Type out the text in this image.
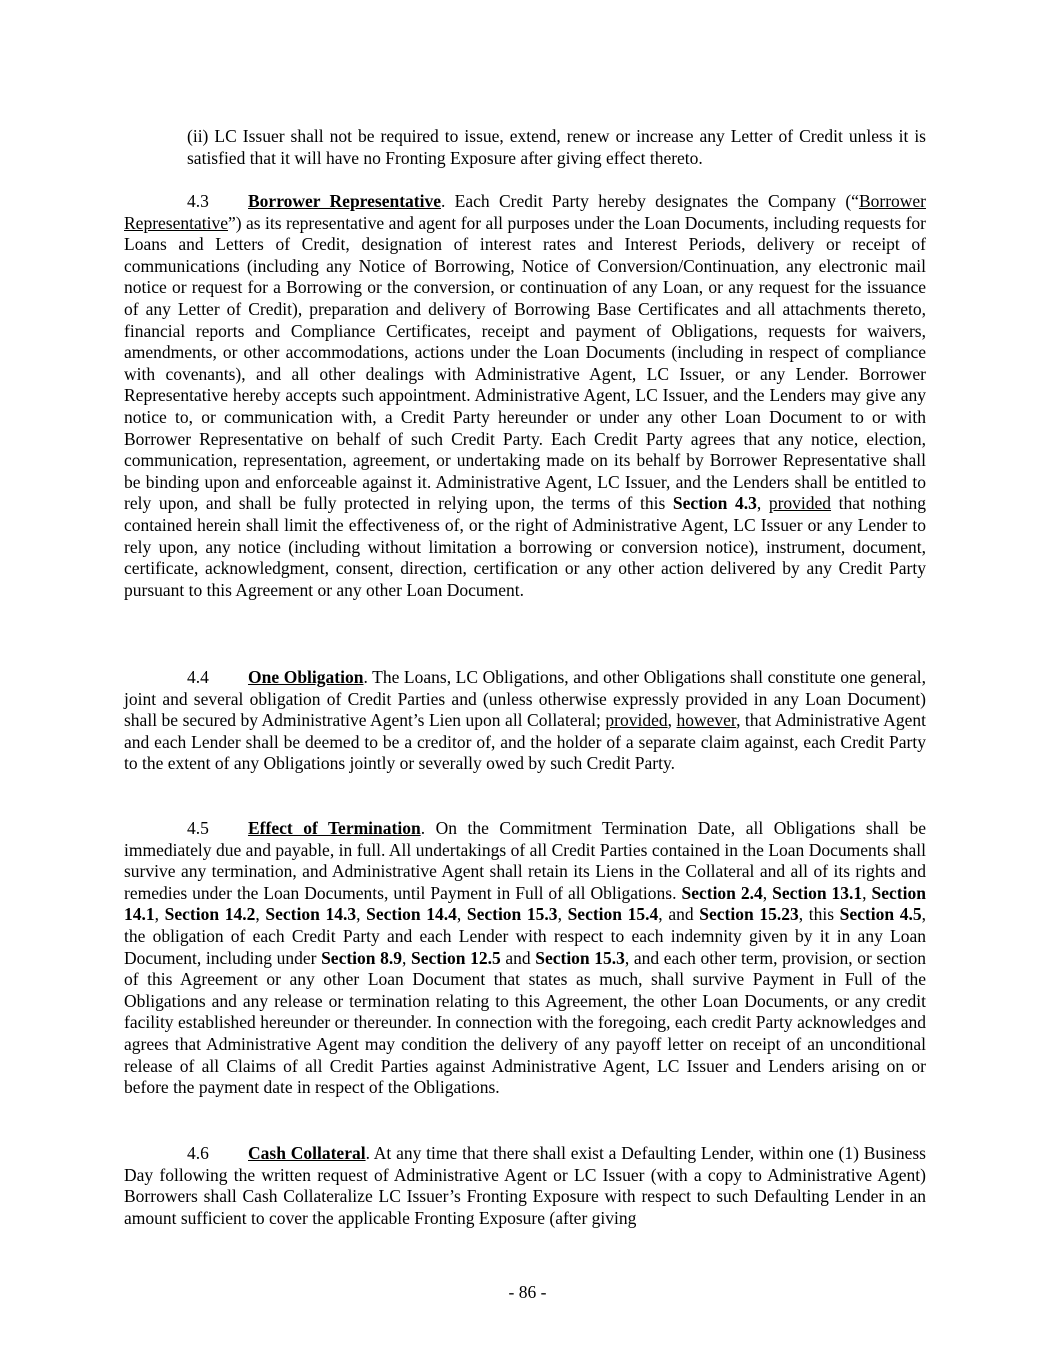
(ii) LC Issuer shall not be required to issue, extend, renew or increase any Letter of Credit unless it is satisfied that it will have no Fronting Exposure after giving effect thereto.

4.3 Borrower Representative. Each Credit Party hereby designates the Company (“Borrower Representative”) as its representative and agent for all purposes under the Loan Documents, including requests for Loans and Letters of Credit, designation of interest rates and Interest Periods, delivery or receipt of communications (including any Notice of Borrowing, Notice of Conversion/Continuation, any electronic mail notice or request for a Borrowing or the conversion, or continuation of any Loan, or any request for the issuance of any Letter of Credit), preparation and delivery of Borrowing Base Certificates and all attachments thereto, financial reports and Compliance Certificates, receipt and payment of Obligations, requests for waivers, amendments, or other accommodations, actions under the Loan Documents (including in respect of compliance with covenants), and all other dealings with Administrative Agent, LC Issuer, or any Lender. Borrower Representative hereby accepts such appointment. Administrative Agent, LC Issuer, and the Lenders may give any notice to, or communication with, a Credit Party hereunder or under any other Loan Document to or with Borrower Representative on behalf of such Credit Party. Each Credit Party agrees that any notice, election, communication, representation, agreement, or undertaking made on its behalf by Borrower Representative shall be binding upon and enforceable against it. Administrative Agent, LC Issuer, and the Lenders shall be entitled to rely upon, and shall be fully protected in relying upon, the terms of this Section 4.3, provided that nothing contained herein shall limit the effectiveness of, or the right of Administrative Agent, LC Issuer or any Lender to rely upon, any notice (including without limitation a borrowing or conversion notice), instrument, document, certificate, acknowledgment, consent, direction, certification or any other action delivered by any Credit Party pursuant to this Agreement or any other Loan Document.

4.4 One Obligation. The Loans, LC Obligations, and other Obligations shall constitute one general, joint and several obligation of Credit Parties and (unless otherwise expressly provided in any Loan Document) shall be secured by Administrative Agent’s Lien upon all Collateral; provided, however, that Administrative Agent and each Lender shall be deemed to be a creditor of, and the holder of a separate claim against, each Credit Party to the extent of any Obligations jointly or severally owed by such Credit Party.

4.5 Effect of Termination. On the Commitment Termination Date, all Obligations shall be immediately due and payable, in full. All undertakings of all Credit Parties contained in the Loan Documents shall survive any termination, and Administrative Agent shall retain its Liens in the Collateral and all of its rights and remedies under the Loan Documents, until Payment in Full of all Obligations. Section 2.4, Section 13.1, Section 14.1, Section 14.2, Section 14.3, Section 14.4, Section 15.3, Section 15.4, and Section 15.23, this Section 4.5, the obligation of each Credit Party and each Lender with respect to each indemnity given by it in any Loan Document, including under Section 8.9, Section 12.5 and Section 15.3, and each other term, provision, or section of this Agreement or any other Loan Document that states as much, shall survive Payment in Full of the Obligations and any release or termination relating to this Agreement, the other Loan Documents, or any credit facility established hereunder or thereunder. In connection with the foregoing, each credit Party acknowledges and agrees that Administrative Agent may condition the delivery of any payoff letter on receipt of an unconditional release of all Claims of all Credit Parties against Administrative Agent, LC Issuer and Lenders arising on or before the payment date in respect of the Obligations.

4.6 Cash Collateral. At any time that there shall exist a Defaulting Lender, within one (1) Business Day following the written request of Administrative Agent or LC Issuer (with a copy to Administrative Agent) Borrowers shall Cash Collateralize LC Issuer’s Fronting Exposure with respect to such Defaulting Lender in an amount sufficient to cover the applicable Fronting Exposure (after giving

- 86 -
